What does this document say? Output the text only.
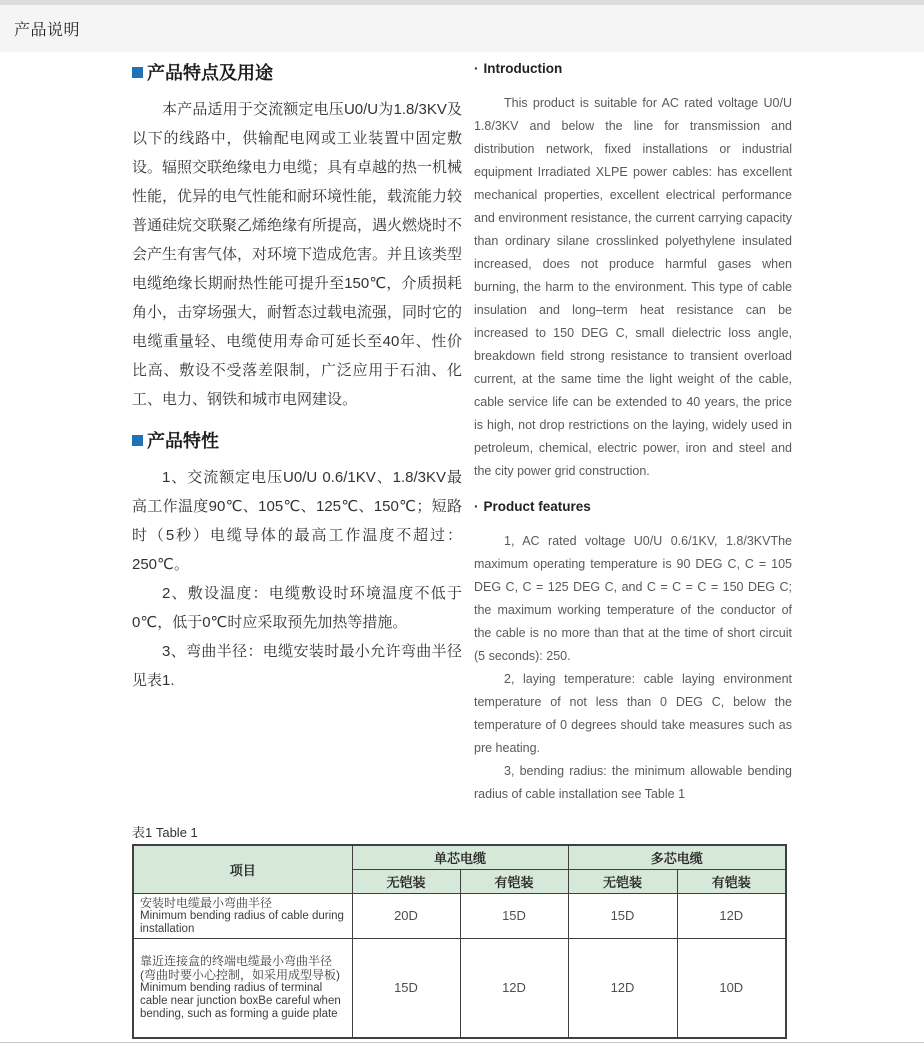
产品说明
产品特点及用途

本产品适用于交流额定电压U0/U为1.8/3KV及以下的线路中，供输配电网或工业装置中固定敷设。辐照交联绝缘电力电缆；具有卓越的热一机械性能，优异的电气性能和耐环境性能，载流能力较普通硅烷交联聚乙烯绝缘有所提高，遇火燃烧时不会产生有害气体，对环境下造成危害。并且该类型电缆绝缘长期耐热性能可提升至150℃，介质损耗角小，击穿场强大，耐暂态过载电流强，同时它的电缆重量轻、电缆使用寿命可延长至40年、性价比高、敷设不受落差限制，广泛应用于石油、化工、电力、钢铁和城市电网建设。

产品特性

1、交流额定电压U0/U 0.6/1KV、1.8/3KV最高工作温度90℃、105℃、125℃、150℃；短路时（5秒）电缆导体的最高工作温度不超过：250℃。

2、敷设温度：电缆敷设时环境温度不低于0℃，低于0℃时应采取预先加热等措施。

3、弯曲半径：电缆安装时最小允许弯曲半径见表1.

· Introduction

This product is suitable for AC rated voltage U0/U 1.8/3KV and below the line for transmission and distribution network, fixed installations or industrial equipment Irradiated XLPE power cables: has excellent mechanical properties, excellent electrical performance and environment resistance, the current carrying capacity than ordinary silane crosslinked polyethylene insulated increased, does not produce harmful gases when burning, the harm to the environment. This type of cable insulation and long–term heat resistance can be increased to 150 DEG C, small dielectric loss angle, breakdown field strong resistance to transient overload current, at the same time the light weight of the cable, cable service life can be extended to 40 years, the price is high, not drop restrictions on the laying, widely used in petroleum, chemical, electric power, iron and steel and the city power grid construction.

· Product features

1, AC rated voltage U0/U 0.6/1KV, 1.8/3KVThe maximum operating temperature is 90 DEG C, C = 105 DEG C, C = 125 DEG C, and C = C = C = 150 DEG C; the maximum working temperature of the conductor of the cable is no more than that at the time of short circuit (5 seconds): 250.

2, laying temperature: cable laying environment temperature of not less than 0 DEG C, below the temperature of 0 degrees should take measures such as pre heating.

3, bending radius: the minimum allowable bending radius of cable installation see Table 1

表1 Table 1
项目	单芯电缆		多芯电缆	
	无铠装	有铠装	无铠装	有铠装

安装时电缆最小弯曲半径
Minimum bending radius of cable during installation	20D	15D	15D	12D

靠近连接盒的终端电缆最小弯曲半径
(弯曲时要小心控制，如采用成型导板)
Minimum bending radius of terminal cable near junction boxBe careful when bending, such as forming a guide plate	15D	12D	12D	10D
